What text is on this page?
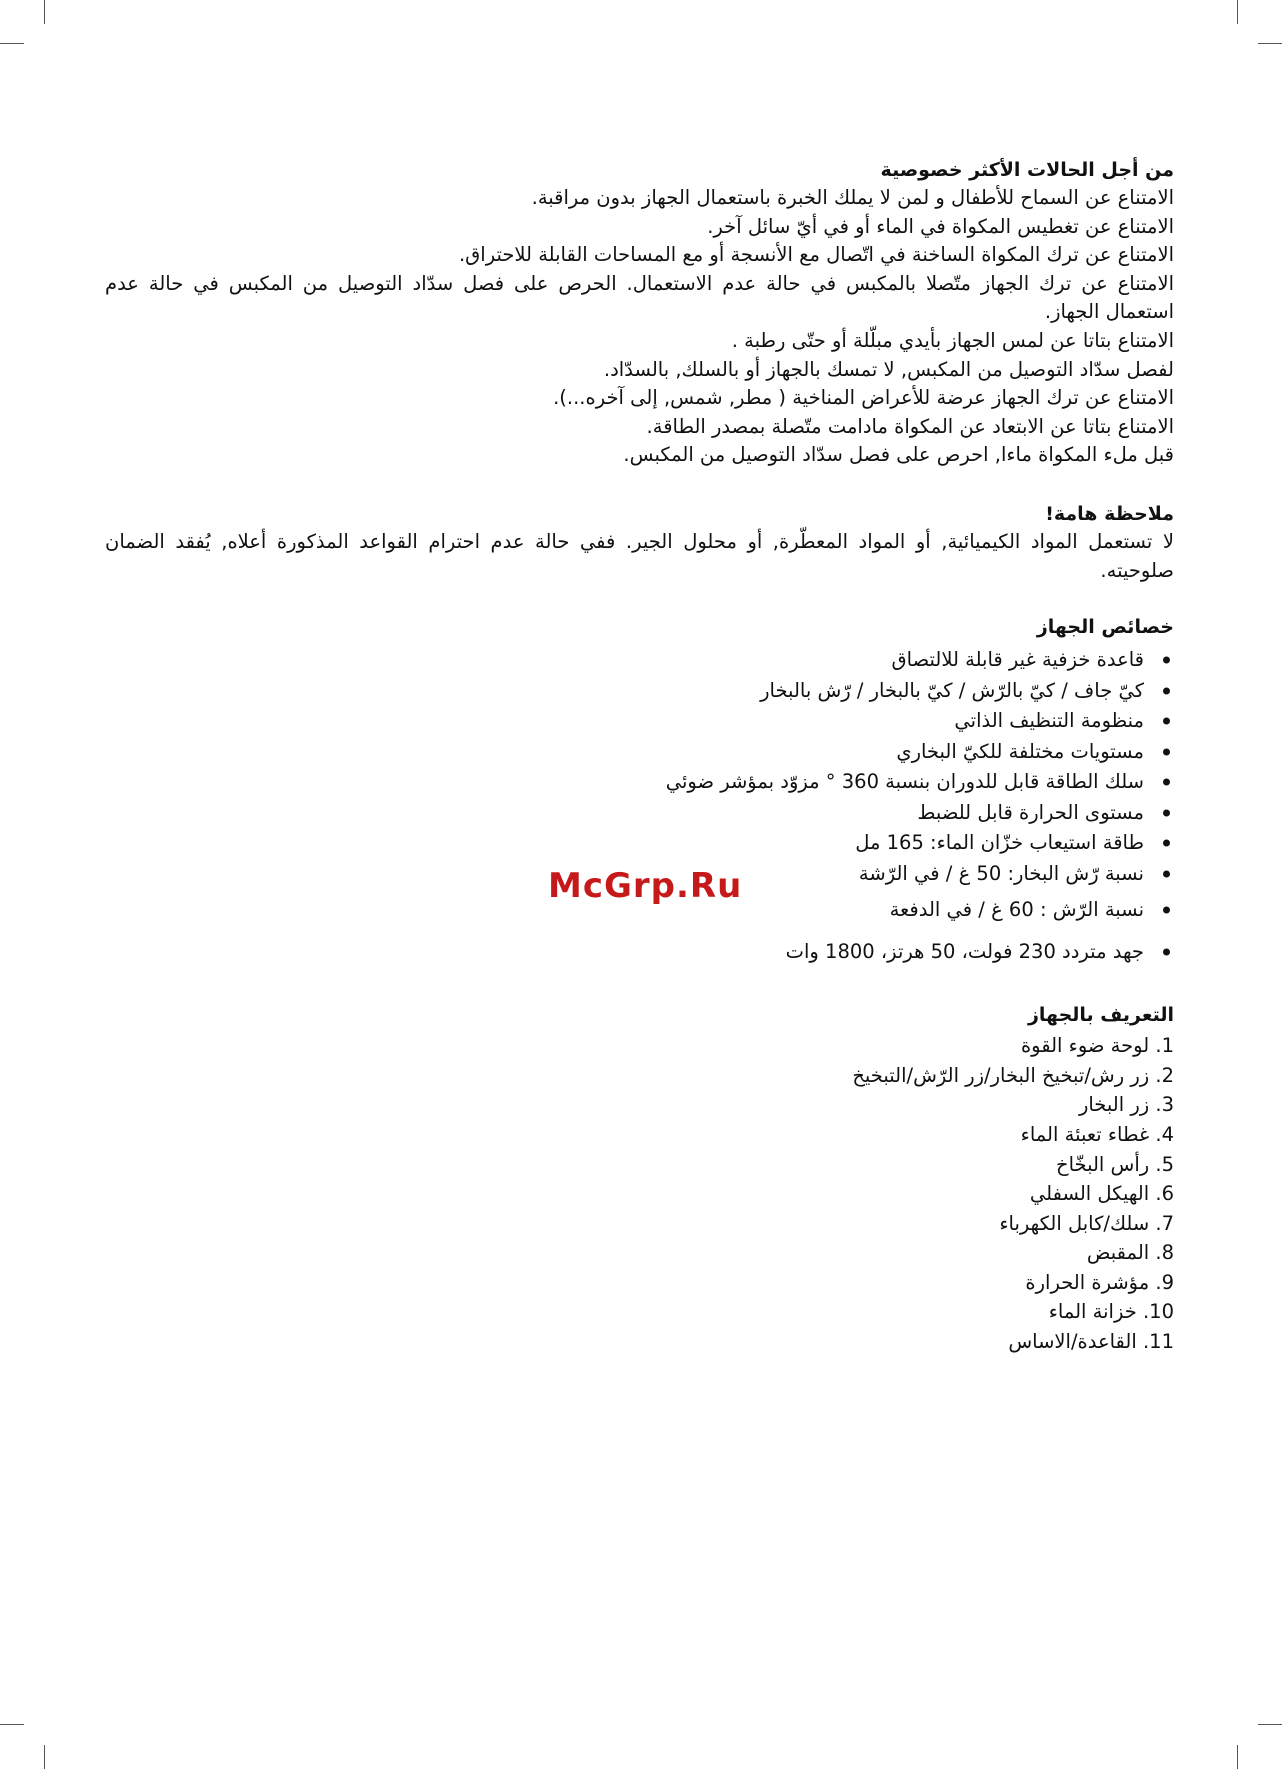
من أجل الحالات الأكثر خصوصية

الامتناع عن السماح للأطفال و لمن لا يملك الخبرة باستعمال الجهاز بدون مراقبة.

الامتناع عن تغطيس المكواة في الماء أو في أيّ سائل آخر.

الامتناع عن ترك المكواة الساخنة في اتّصال مع الأنسجة أو مع المساحات القابلة للاحتراق.

الامتناع عن ترك الجهاز متّصلا بالمكبس في حالة عدم الاستعمال. الحرص على فصل سدّاد التوصيل من المكبس في حالة عدم استعمال الجهاز.

الامتناع بتاتا عن لمس الجهاز بأيدي مبلّلة أو حتّى رطبة .

لفصل سدّاد التوصيل من المكبس, لا تمسك بالجهاز أو بالسلك, بالسدّاد.

الامتناع عن ترك الجهاز عرضة للأعراض المناخية ( مطر, شمس, إلى آخره...).

الامتناع بتاتا عن الابتعاد عن المكواة مادامت متّصلة بمصدر الطاقة.

قبل ملء المكواة ماءا, احرص على فصل سدّاد التوصيل من المكبس.

ملاحظة هامة!

لا تستعمل المواد الكيميائية, أو المواد المعطّرة, أو محلول الجير. ففي حالة عدم احترام القواعد المذكورة أعلاه, يُفقد الضمان صلوحيته.

خصائص الجهاز
قاعدة خزفية غير قابلة للالتصاق
كيّ جاف / كيّ بالرّش / كيّ بالبخار / رّش بالبخار
منظومة التنظيف الذاتي
مستويات مختلفة للكيّ البخاري
سلك الطاقة قابل للدوران بنسبة 360 ° مزوّد بمؤشر ضوئي
مستوى الحرارة قابل للضبط
طاقة استيعاب خزّان الماء: 165 مل
نسبة رّش البخار: 50 غ / في الرّشة
نسبة الرّش : 60 غ / في الدفعة
جهد متردد 230 فولت، 50 هرتز، 1800 وات
التعريف بالجهاز
1. لوحة ضوء القوة
2. زر رش/تبخيخ البخار/زر الرّش/التبخيخ
3. زر البخار
4. غطاء تعبئة الماء
5. رأس البخّاخ
6. الهيكل السفلي
7. سلك/كابل الكهرباء
8. المقبض
9. مؤشرة الحرارة
10. خزانة الماء
11. القاعدة/الاساس
McGrp.Ru
